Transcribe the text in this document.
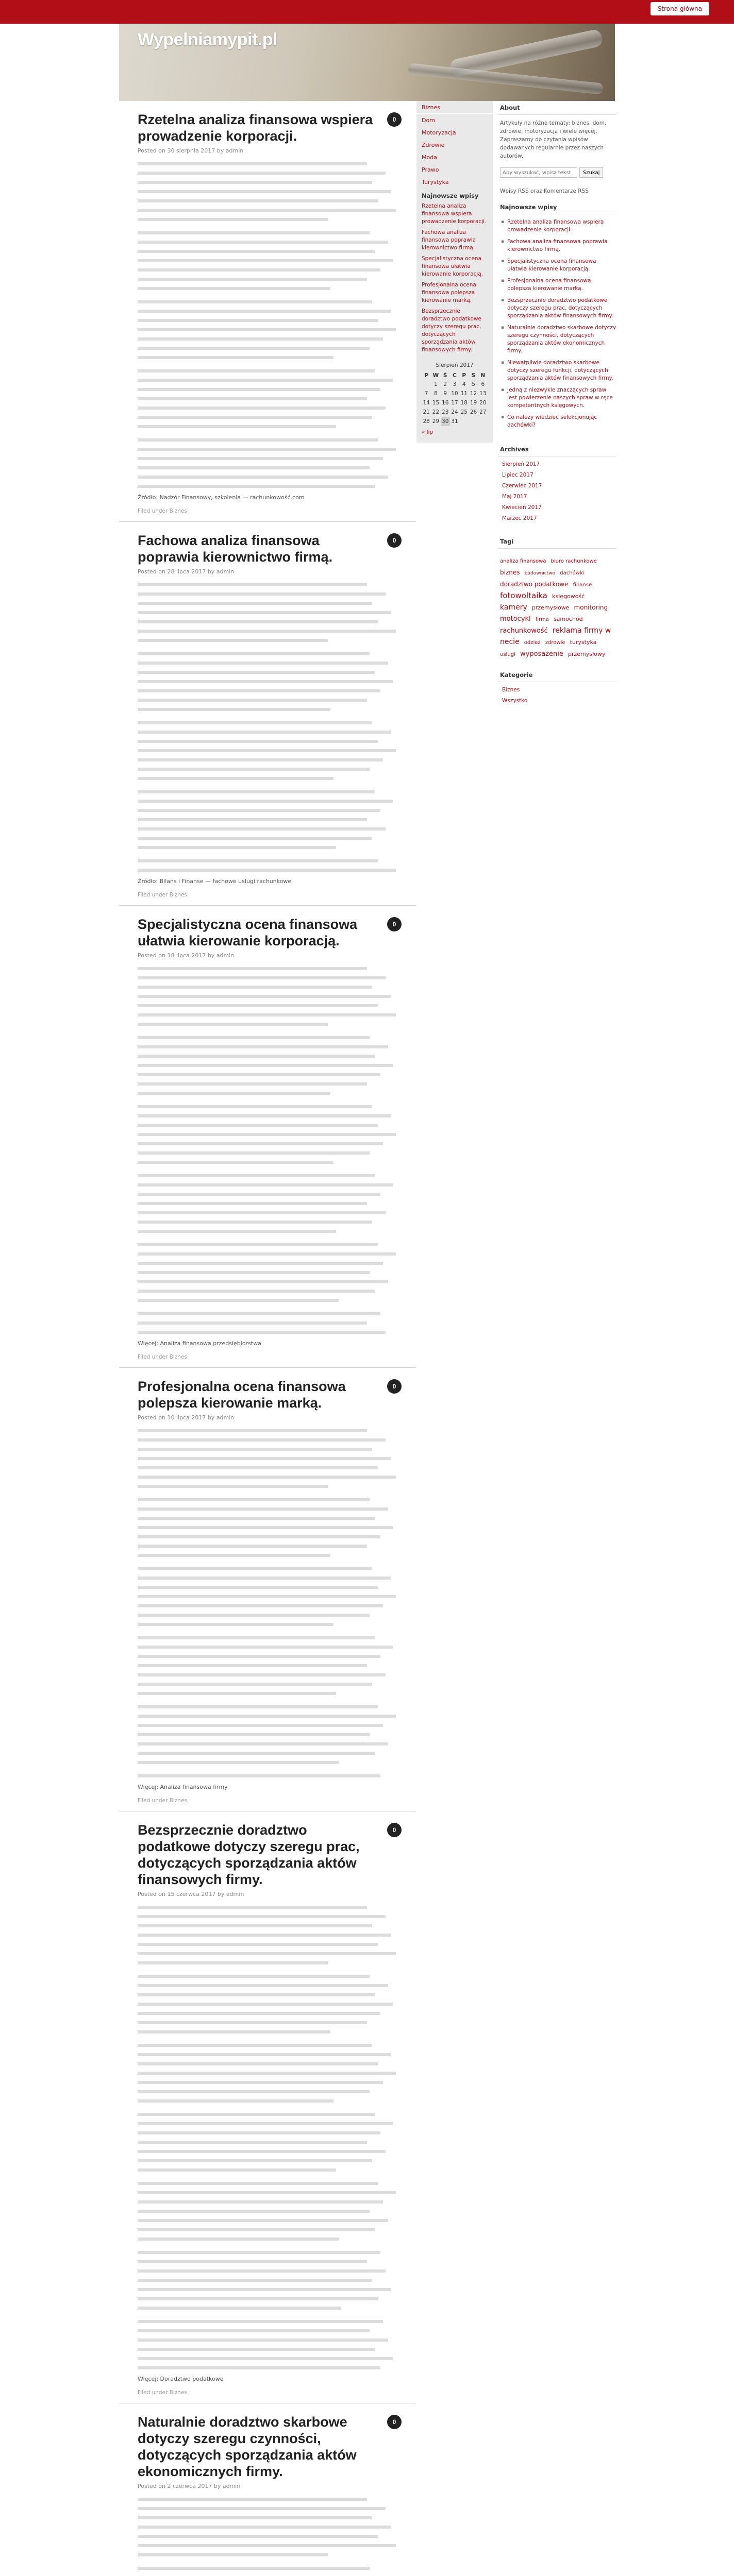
Strona główna
Wypelniamypit.pl
Rzetelna analiza finansowa wspiera prowadzenie korporacji.
0
Posted on 30 sierpnia 2017 by admin
Źródło: Nadzór Finansowy, szkolenia — rachunkowość.com
Filed under Biznes
Fachowa analiza finansowa poprawia kierownictwo firmą.
0
Posted on 28 lipca 2017 by admin
Źródło: Bilans i Finanse — fachowe usługi rachunkowe
Filed under Biznes
Specjalistyczna ocena finansowa ułatwia kierowanie korporacją.
0
Posted on 18 lipca 2017 by admin
Więcej: Analiza finansowa przedsiębiorstwa
Filed under Biznes
Profesjonalna ocena finansowa polepsza kierowanie marką.
0
Posted on 10 lipca 2017 by admin
Więcej: Analiza finansowa firmy
Filed under Biznes
Bezsprzecznie doradztwo podatkowe dotyczy szeregu prac, dotyczących sporządzania aktów finansowych firmy.
0
Posted on 15 czerwca 2017 by admin
Więcej: Doradztwo podatkowe
Filed under Biznes
Naturalnie doradztwo skarbowe dotyczy szeregu czynności, dotyczących sporządzania aktów ekonomicznych firmy.
0
Posted on 2 czerwca 2017 by admin
Biznes
Dom
Motoryzacja
Zdrowie
Moda
Prawo
Turystyka
Najnowsze wpisy
Rzetelna analiza finansowa wspiera prowadzenie korporacji.
Fachowa analiza finansowa poprawia kierownictwo firmą.
Specjalistyczna ocena finansowa ułatwia kierowanie korporacją.
Profesjonalna ocena finansowa polepsza kierowanie marką.
Bezsprzecznie doradztwo podatkowe dotyczy szeregu prac, dotyczących sporządzania aktów finansowych firmy.
Sierpień 2017
P	W	Ś	C	P	S	N
	1	2	3	4	5	6
7	8	9	10	11	12	13
14	15	16	17	18	19	20
21	22	23	24	25	26	27
28	29	30	31			
« lip
About
Artykuły na różne tematy: biznes, dom, zdrowie, motoryzacja i wiele więcej. Zapraszamy do czytania wpisów dodawanych regularnie przez naszych autorów.
Aby wyszukać, wpisz tekst
Szukaj
Wpisy RSS oraz Komentarze RSS
Najnowsze wpisy
▪ Rzetelna analiza finansowa wspiera prowadzenie korporacji.
▪ Fachowa analiza finansowa poprawia kierownictwo firmą.
▪ Specjalistyczna ocena finansowa ułatwia kierowanie korporacją.
▪ Profesjonalna ocena finansowa polepsza kierowanie marką.
▪ Bezsprzecznie doradztwo podatkowe dotyczy szeregu prac, dotyczących sporządzania aktów finansowych firmy.
▪ Naturalnie doradztwo skarbowe dotyczy szeregu czynności, dotyczących sporządzania aktów ekonomicznych firmy.
▪ Niewątpliwie doradztwo skarbowe dotyczy szeregu funkcji, dotyczących sporządzania aktów finansowych firmy.
▪ Jedną z niezwykle znaczących spraw jest powierzenie naszych spraw w ręce kompetentnych księgowych.
▪ Co należy wiedzieć selekcjonując dachówki?
Archives
Sierpień 2017
Lipiec 2017
Czerwiec 2017
Maj 2017
Kwiecień 2017
Marzec 2017
Tagi
analiza finansowa biuro rachunkowe biznes budownictwo dachówki doradztwo podatkowe finanse fotowoltaika księgowość kamery przemysłowe monitoring motocykl firma samochód rachunkowość reklama firmy w necie odzież zdrowie turystyka usługi wyposażenie przemysłowy
Kategorie
Biznes
Wszystko
